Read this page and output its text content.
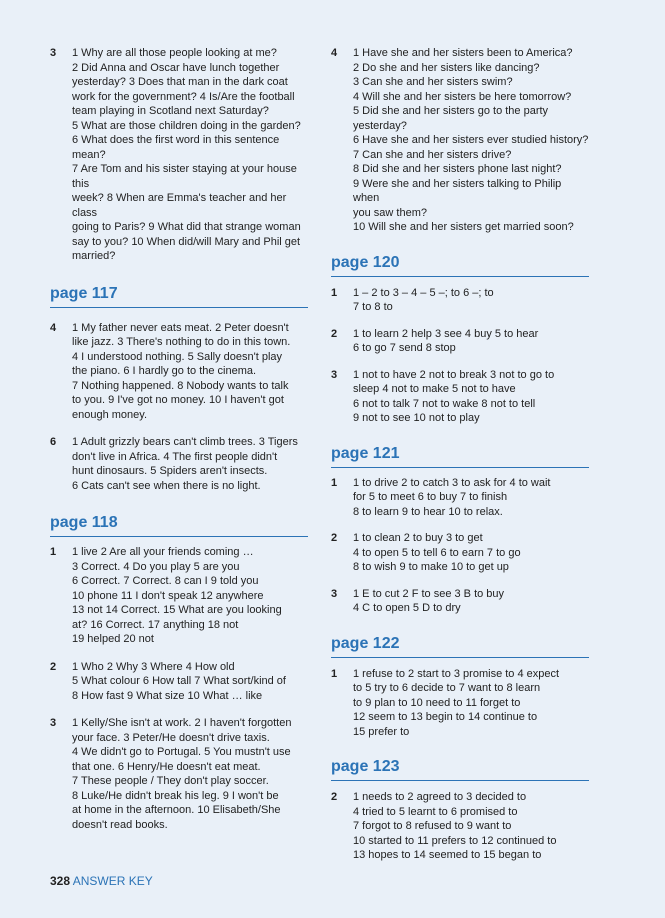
3	1 Why are all those people looking at me?
2 Did Anna and Oscar have lunch together
yesterday? 3 Does that man in the dark coat
work for the government? 4 Is/Are the football
team playing in Scotland next Saturday?
5 What are those children doing in the garden?
6 What does the first word in this sentence mean?
7 Are Tom and his sister staying at your house this
week? 8 When are Emma's teacher and her class
going to Paris? 9 What did that strange woman
say to you? 10 When did/will Mary and Phil get
married?
page 117
4	1 My father never eats meat. 2 Peter doesn't
like jazz. 3 There's nothing to do in this town.
4 I understood nothing. 5 Sally doesn't play
the piano. 6 I hardly go to the cinema.
7 Nothing happened. 8 Nobody wants to talk
to you. 9 I've got no money. 10 I haven't got
enough money.
6	1 Adult grizzly bears can't climb trees. 3 Tigers
don't live in Africa. 4 The first people didn't
hunt dinosaurs. 5 Spiders aren't insects.
6 Cats can't see when there is no light.
page 118
1	1 live 2 Are all your friends coming …
3 Correct. 4 Do you play 5 are you
6 Correct. 7 Correct. 8 can I 9 told you
10 phone 11 I don't speak 12 anywhere
13 not 14 Correct. 15 What are you looking
at? 16 Correct. 17 anything 18 not
19 helped 20 not
2	1 Who 2 Why 3 Where 4 How old
5 What colour 6 How tall 7 What sort/kind of
8 How fast 9 What size 10 What … like
3	1 Kelly/She isn't at work. 2 I haven't forgotten
your face. 3 Peter/He doesn't drive taxis.
4 We didn't go to Portugal. 5 You mustn't use
that one. 6 Henry/He doesn't eat meat.
7 These people / They don't play soccer.
8 Luke/He didn't break his leg. 9 I won't be
at home in the afternoon. 10 Elisabeth/She
doesn't read books.
4	1 Have she and her sisters been to America?
2 Do she and her sisters like dancing?
3 Can she and her sisters swim?
4 Will she and her sisters be here tomorrow?
5 Did she and her sisters go to the party yesterday?
6 Have she and her sisters ever studied history?
7 Can she and her sisters drive?
8 Did she and her sisters phone last night?
9 Were she and her sisters talking to Philip when
you saw them?
10 Will she and her sisters get married soon?
page 120
1	1 – 2 to 3 – 4 – 5 –; to 6 –; to
7 to 8 to
2	1 to learn 2 help 3 see 4 buy 5 to hear
6 to go 7 send 8 stop
3	1 not to have 2 not to break 3 not to go to
sleep 4 not to make 5 not to have
6 not to talk 7 not to wake 8 not to tell
9 not to see 10 not to play
page 121
1	1 to drive 2 to catch 3 to ask for 4 to wait
for 5 to meet 6 to buy 7 to finish
8 to learn 9 to hear 10 to relax.
2	1 to clean 2 to buy 3 to get
4 to open 5 to tell 6 to earn 7 to go
8 to wish 9 to make 10 to get up
3	1 E to cut 2 F to see 3 B to buy
4 C to open 5 D to dry
page 122
1	1 refuse to 2 start to 3 promise to 4 expect
to 5 try to 6 decide to 7 want to 8 learn
to 9 plan to 10 need to 11 forget to
12 seem to 13 begin to 14 continue to
15 prefer to
page 123
2	1 needs to 2 agreed to 3 decided to
4 tried to 5 learnt to 6 promised to
7 forgot to 8 refused to 9 want to
10 started to 11 prefers to 12 continued to
13 hopes to 14 seemed to 15 began to
328 ANSWER KEY
